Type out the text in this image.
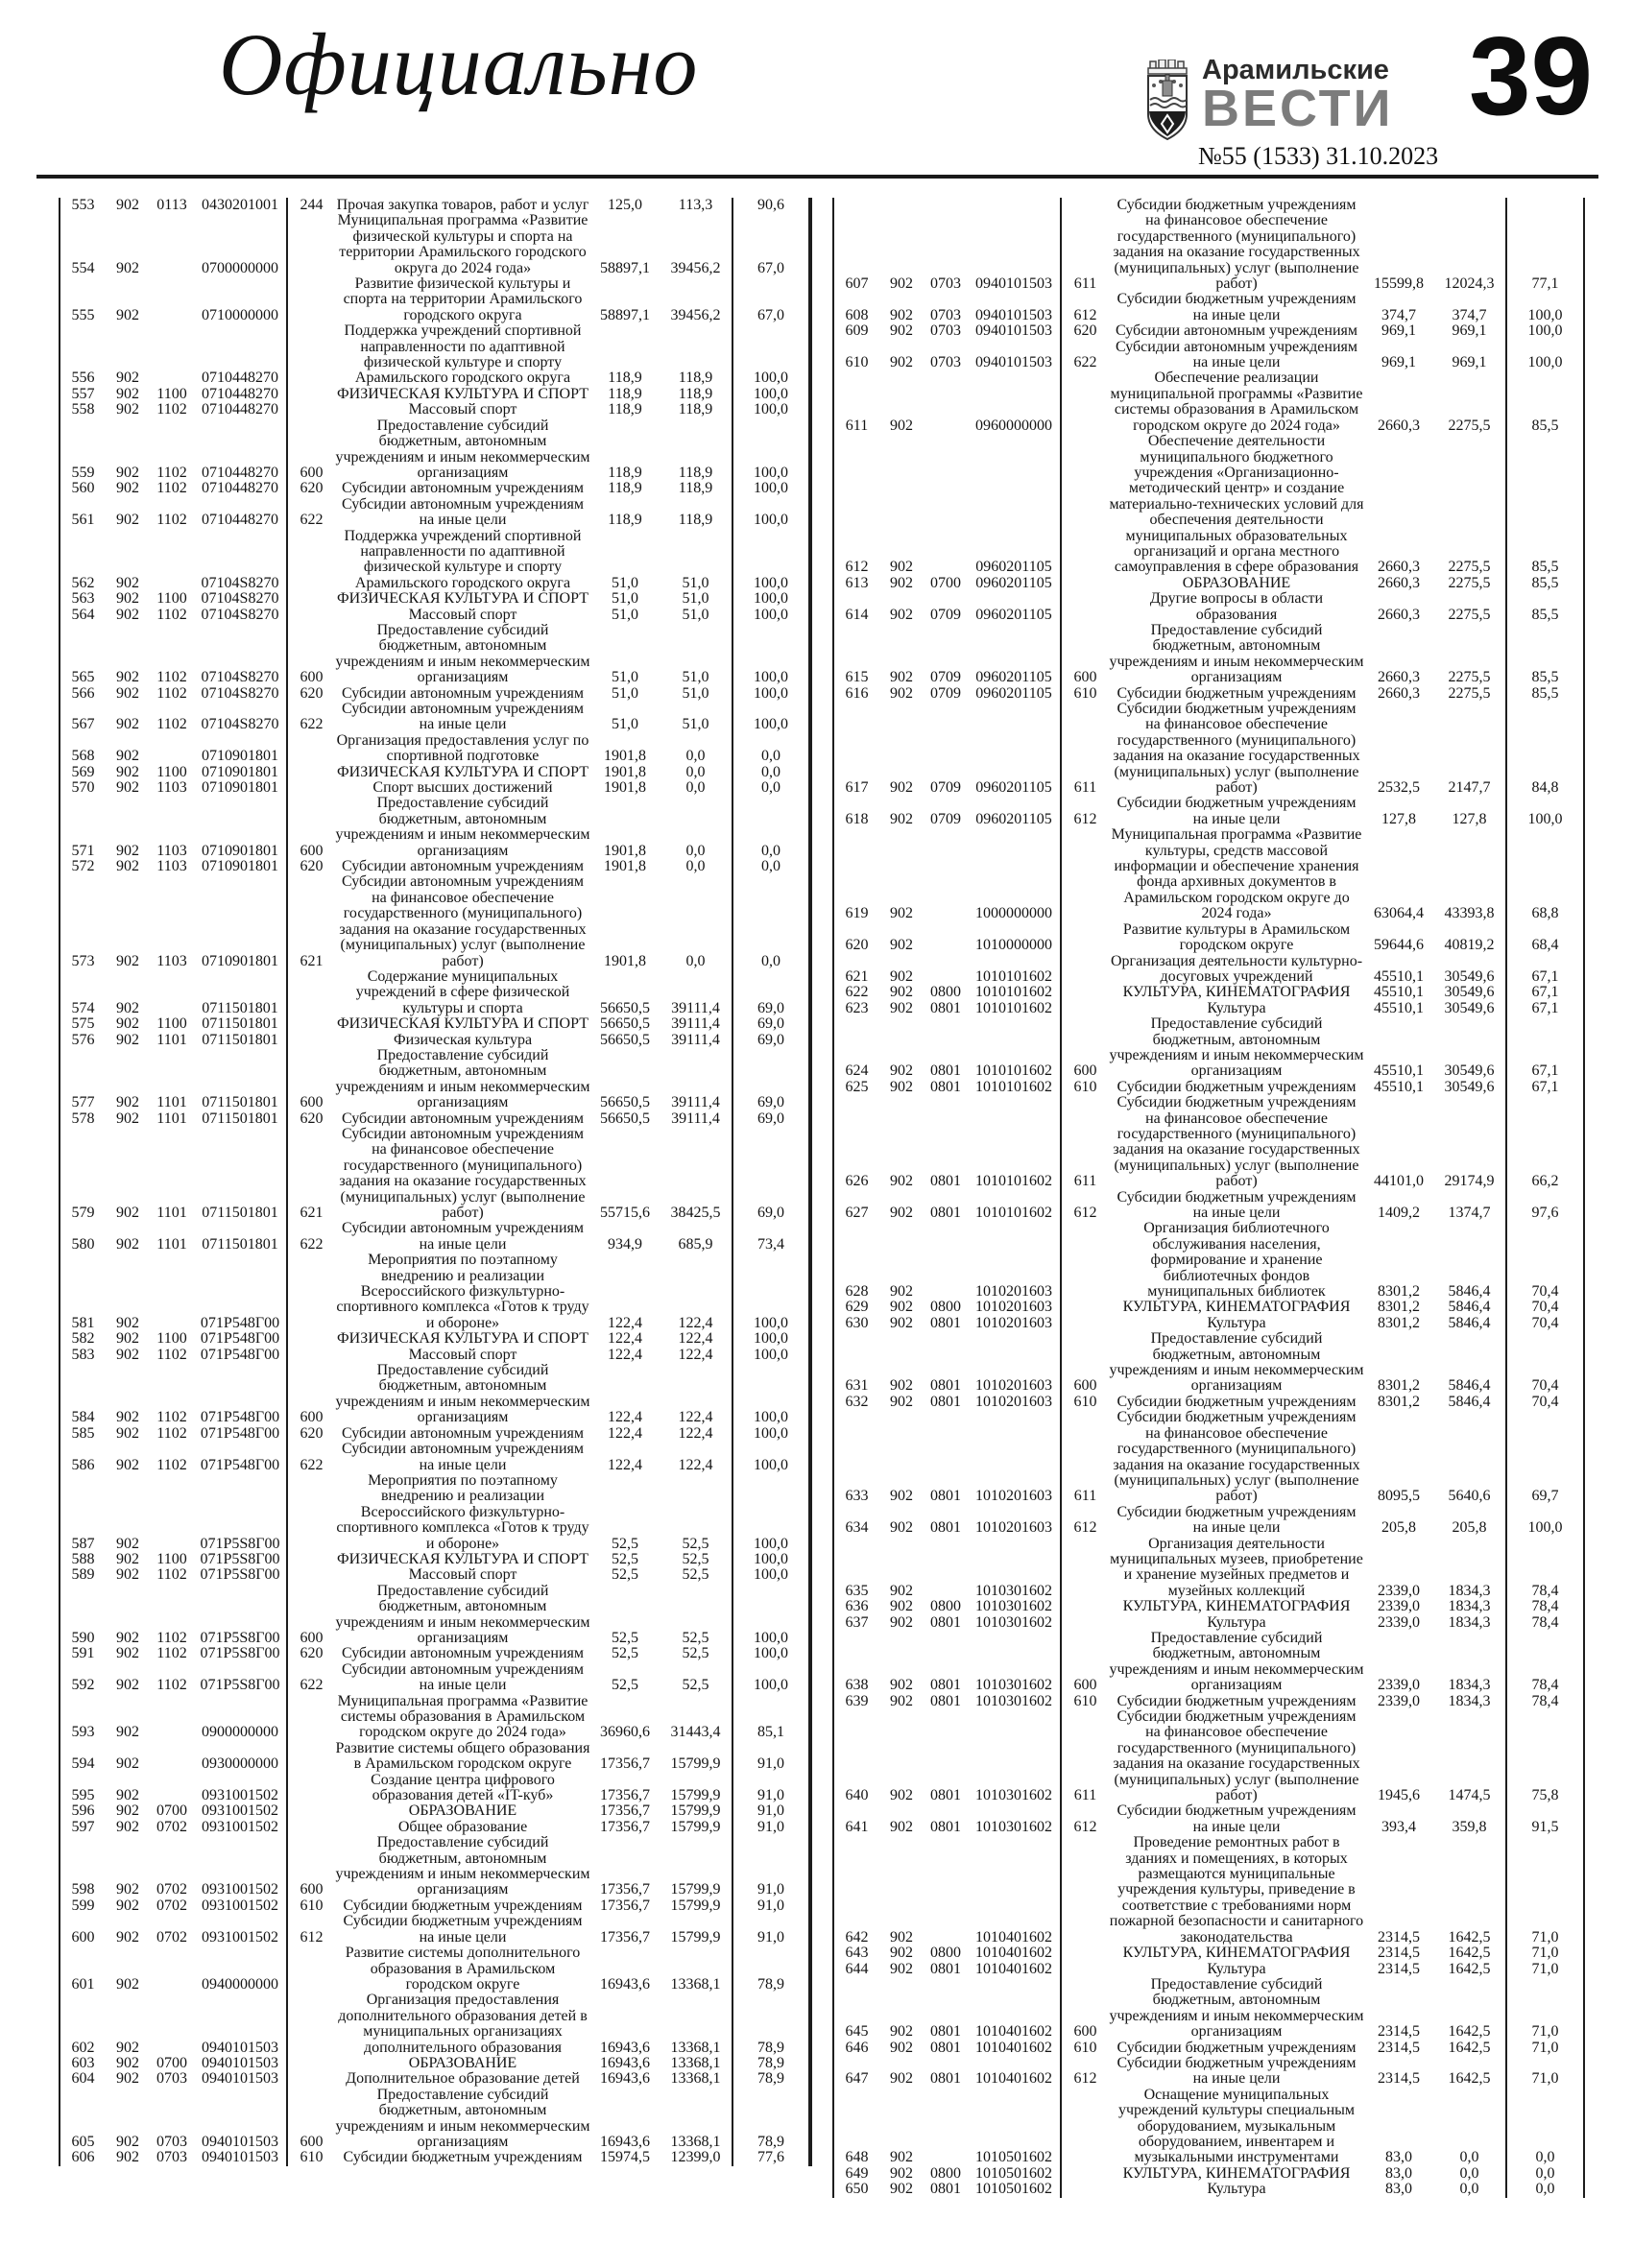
Официально	Арамильские
ВЕСТИ
№55 (1533) 31.10.2023
39
553	902	0113	0430201001	244	Прочая закупка товаров, работ и услуг	125,0	113,3	90,6
554	902		0700000000		Муниципальная программа «Развитие физической культуры и спорта на территории Арамильского городского округа до 2024 года»	58897,1	39456,2	67,0
555	902		0710000000		Развитие физической культуры и спорта на территории Арамильского городского округа	58897,1	39456,2	67,0
556	902		0710448270		Поддержка учреждений спортивной направленности по адаптивной физической культуре и спорту Арамильского городского округа	118,9	118,9	100,0
557	902	1100	0710448270		ФИЗИЧЕСКАЯ КУЛЬТУРА И СПОРТ	118,9	118,9	100,0
558	902	1102	0710448270		Массовый спорт	118,9	118,9	100,0
559	902	1102	0710448270	600	Предоставление субсидий бюджетным, автономным учреждениям и иным некоммерческим организациям	118,9	118,9	100,0
560	902	1102	0710448270	620	Субсидии автономным учреждениям	118,9	118,9	100,0
561	902	1102	0710448270	622	Субсидии автономным учреждениям на иные цели	118,9	118,9	100,0
562	902		07104S8270		Поддержка учреждений спортивной направленности по адаптивной физической культуре и спорту Арамильского городского округа	51,0	51,0	100,0
563	902	1100	07104S8270		ФИЗИЧЕСКАЯ КУЛЬТУРА И СПОРТ	51,0	51,0	100,0
564	902	1102	07104S8270		Массовый спорт	51,0	51,0	100,0
565	902	1102	07104S8270	600	Предоставление субсидий бюджетным, автономным учреждениям и иным некоммерческим организациям	51,0	51,0	100,0
566	902	1102	07104S8270	620	Субсидии автономным учреждениям	51,0	51,0	100,0
567	902	1102	07104S8270	622	Субсидии автономным учреждениям на иные цели	51,0	51,0	100,0
568	902		0710901801		Организация предоставления услуг по спортивной подготовке	1901,8	0,0	0,0
569	902	1100	0710901801		ФИЗИЧЕСКАЯ КУЛЬТУРА И СПОРТ	1901,8	0,0	0,0
570	902	1103	0710901801		Спорт высших достижений	1901,8	0,0	0,0
571	902	1103	0710901801	600	Предоставление субсидий бюджетным, автономным учреждениям и иным некоммерческим организациям	1901,8	0,0	0,0
572	902	1103	0710901801	620	Субсидии автономным учреждениям	1901,8	0,0	0,0
573	902	1103	0710901801	621	Субсидии автономным учреждениям на финансовое обеспечение государственного (муниципального) задания на оказание государственных (муниципальных) услуг (выполнение работ)	1901,8	0,0	0,0
574	902		0711501801		Содержание муниципальных учреждений в сфере физической культуры и спорта	56650,5	39111,4	69,0
575	902	1100	0711501801		ФИЗИЧЕСКАЯ КУЛЬТУРА И СПОРТ	56650,5	39111,4	69,0
576	902	1101	0711501801		Физическая культура	56650,5	39111,4	69,0
577	902	1101	0711501801	600	Предоставление субсидий бюджетным, автономным учреждениям и иным некоммерческим организациям	56650,5	39111,4	69,0
578	902	1101	0711501801	620	Субсидии автономным учреждениям	56650,5	39111,4	69,0
579	902	1101	0711501801	621	Субсидии автономным учреждениям на финансовое обеспечение государственного (муниципального) задания на оказание государственных (муниципальных) услуг (выполнение работ)	55715,6	38425,5	69,0
580	902	1101	0711501801	622	Субсидии автономным учреждениям на иные цели	934,9	685,9	73,4
581	902		071P548Г00		Мероприятия по поэтапному внедрению и реализации Всероссийского физкультурно-спортивного комплекса «Готов к труду и обороне»	122,4	122,4	100,0
582	902	1100	071P548Г00		ФИЗИЧЕСКАЯ КУЛЬТУРА И СПОРТ	122,4	122,4	100,0
583	902	1102	071P548Г00		Массовый спорт	122,4	122,4	100,0
584	902	1102	071P548Г00	600	Предоставление субсидий бюджетным, автономным учреждениям и иным некоммерческим организациям	122,4	122,4	100,0
585	902	1102	071P548Г00	620	Субсидии автономным учреждениям	122,4	122,4	100,0
586	902	1102	071P548Г00	622	Субсидии автономным учреждениям на иные цели	122,4	122,4	100,0
587	902		071P5S8Г00		Мероприятия по поэтапному внедрению и реализации Всероссийского физкультурно-спортивного комплекса «Готов к труду и обороне»	52,5	52,5	100,0
588	902	1100	071P5S8Г00		ФИЗИЧЕСКАЯ КУЛЬТУРА И СПОРТ	52,5	52,5	100,0
589	902	1102	071P5S8Г00		Массовый спорт	52,5	52,5	100,0
590	902	1102	071P5S8Г00	600	Предоставление субсидий бюджетным, автономным учреждениям и иным некоммерческим организациям	52,5	52,5	100,0
591	902	1102	071P5S8Г00	620	Субсидии автономным учреждениям	52,5	52,5	100,0
592	902	1102	071P5S8Г00	622	Субсидии автономным учреждениям на иные цели	52,5	52,5	100,0
593	902		0900000000		Муниципальная программа «Развитие системы образования в Арамильском городском округе до 2024 года»	36960,6	31443,4	85,1
594	902		0930000000		Развитие системы общего образования в Арамильском городском округе	17356,7	15799,9	91,0
595	902		0931001502		Создание центра цифрового образования детей «IT-куб»	17356,7	15799,9	91,0
596	902	0700	0931001502		ОБРАЗОВАНИЕ	17356,7	15799,9	91,0
597	902	0702	0931001502		Общее образование	17356,7	15799,9	91,0
598	902	0702	0931001502	600	Предоставление субсидий бюджетным, автономным учреждениям и иным некоммерческим организациям	17356,7	15799,9	91,0
599	902	0702	0931001502	610	Субсидии бюджетным учреждениям	17356,7	15799,9	91,0
600	902	0702	0931001502	612	Субсидии бюджетным учреждениям на иные цели	17356,7	15799,9	91,0
601	902		0940000000		Развитие системы дополнительного образования в Арамильском городском округе	16943,6	13368,1	78,9
602	902		0940101503		Организация предоставления дополнительного образования детей в муниципальных организациях дополнительного образования	16943,6	13368,1	78,9
603	902	0700	0940101503		ОБРАЗОВАНИЕ	16943,6	13368,1	78,9
604	902	0703	0940101503		Дополнительное образование детей	16943,6	13368,1	78,9
605	902	0703	0940101503	600	Предоставление субсидий бюджетным, автономным учреждениям и иным некоммерческим организациям	16943,6	13368,1	78,9
606	902	0703	0940101503	610	Субсидии бюджетным учреждениям	15974,5	12399,0	77,6
607	902	0703	0940101503	611	Субсидии бюджетным учреждениям на финансовое обеспечение государственного (муниципального) задания на оказание государственных (муниципальных) услуг (выполнение работ)	15599,8	12024,3	77,1
608	902	0703	0940101503	612	Субсидии бюджетным учреждениям на иные цели	374,7	374,7	100,0
609	902	0703	0940101503	620	Субсидии автономным учреждениям	969,1	969,1	100,0
610	902	0703	0940101503	622	Субсидии автономным учреждениям на иные цели	969,1	969,1	100,0
611	902		0960000000		Обеспечение реализации муниципальной программы «Развитие системы образования в Арамильском городском округе до 2024 года»	2660,3	2275,5	85,5
612	902		0960201105		Обеспечение деятельности муниципального бюджетного учреждения «Организационно-методический центр» и создание материально-технических условий для обеспечения деятельности муниципальных образовательных организаций и органа местного самоуправления в сфере образования	2660,3	2275,5	85,5
613	902	0700	0960201105		ОБРАЗОВАНИЕ	2660,3	2275,5	85,5
614	902	0709	0960201105		Другие вопросы в области образования	2660,3	2275,5	85,5
615	902	0709	0960201105	600	Предоставление субсидий бюджетным, автономным учреждениям и иным некоммерческим организациям	2660,3	2275,5	85,5
616	902	0709	0960201105	610	Субсидии бюджетным учреждениям	2660,3	2275,5	85,5
617	902	0709	0960201105	611	Субсидии бюджетным учреждениям на финансовое обеспечение государственного (муниципального) задания на оказание государственных (муниципальных) услуг (выполнение работ)	2532,5	2147,7	84,8
618	902	0709	0960201105	612	Субсидии бюджетным учреждениям на иные цели	127,8	127,8	100,0
619	902		1000000000		Муниципальная программа «Развитие культуры, средств массовой информации и обеспечение хранения фонда архивных документов в Арамильском городском округе до 2024 года»	63064,4	43393,8	68,8
620	902		1010000000		Развитие культуры в Арамильском городском округе	59644,6	40819,2	68,4
621	902		1010101602		Организация деятельности культурно-досуговых учреждений	45510,1	30549,6	67,1
622	902	0800	1010101602		КУЛЬТУРА, КИНЕМАТОГРАФИЯ	45510,1	30549,6	67,1
623	902	0801	1010101602		Культура	45510,1	30549,6	67,1
624	902	0801	1010101602	600	Предоставление субсидий бюджетным, автономным учреждениям и иным некоммерческим организациям	45510,1	30549,6	67,1
625	902	0801	1010101602	610	Субсидии бюджетным учреждениям	45510,1	30549,6	67,1
626	902	0801	1010101602	611	Субсидии бюджетным учреждениям на финансовое обеспечение государственного (муниципального) задания на оказание государственных (муниципальных) услуг (выполнение работ)	44101,0	29174,9	66,2
627	902	0801	1010101602	612	Субсидии бюджетным учреждениям на иные цели	1409,2	1374,7	97,6
628	902		1010201603		Организация библиотечного обслуживания населения, формирование и хранение библиотечных фондов муниципальных библиотек	8301,2	5846,4	70,4
629	902	0800	1010201603		КУЛЬТУРА, КИНЕМАТОГРАФИЯ	8301,2	5846,4	70,4
630	902	0801	1010201603		Культура	8301,2	5846,4	70,4
631	902	0801	1010201603	600	Предоставление субсидий бюджетным, автономным учреждениям и иным некоммерческим организациям	8301,2	5846,4	70,4
632	902	0801	1010201603	610	Субсидии бюджетным учреждениям	8301,2	5846,4	70,4
633	902	0801	1010201603	611	Субсидии бюджетным учреждениям на финансовое обеспечение государственного (муниципального) задания на оказание государственных (муниципальных) услуг (выполнение работ)	8095,5	5640,6	69,7
634	902	0801	1010201603	612	Субсидии бюджетным учреждениям на иные цели	205,8	205,8	100,0
635	902		1010301602		Организация деятельности муниципальных музеев, приобретение и хранение музейных предметов и музейных коллекций	2339,0	1834,3	78,4
636	902	0800	1010301602		КУЛЬТУРА, КИНЕМАТОГРАФИЯ	2339,0	1834,3	78,4
637	902	0801	1010301602		Культура	2339,0	1834,3	78,4
638	902	0801	1010301602	600	Предоставление субсидий бюджетным, автономным учреждениям и иным некоммерческим организациям	2339,0	1834,3	78,4
639	902	0801	1010301602	610	Субсидии бюджетным учреждениям	2339,0	1834,3	78,4
640	902	0801	1010301602	611	Субсидии бюджетным учреждениям на финансовое обеспечение государственного (муниципального) задания на оказание государственных (муниципальных) услуг (выполнение работ)	1945,6	1474,5	75,8
641	902	0801	1010301602	612	Субсидии бюджетным учреждениям на иные цели	393,4	359,8	91,5
642	902		1010401602		Проведение ремонтных работ в зданиях и помещениях, в которых размещаются муниципальные учреждения культуры, приведение в соответствие с требованиями норм пожарной безопасности и санитарного законодательства	2314,5	1642,5	71,0
643	902	0800	1010401602		КУЛЬТУРА, КИНЕМАТОГРАФИЯ	2314,5	1642,5	71,0
644	902	0801	1010401602		Культура	2314,5	1642,5	71,0
645	902	0801	1010401602	600	Предоставление субсидий бюджетным, автономным учреждениям и иным некоммерческим организациям	2314,5	1642,5	71,0
646	902	0801	1010401602	610	Субсидии бюджетным учреждениям	2314,5	1642,5	71,0
647	902	0801	1010401602	612	Субсидии бюджетным учреждениям на иные цели	2314,5	1642,5	71,0
648	902		1010501602		Оснащение муниципальных учреждений культуры специальным оборудованием, музыкальным оборудованием, инвентарем и музыкальными инструментами	83,0	0,0	0,0
649	902	0800	1010501602		КУЛЬТУРА, КИНЕМАТОГРАФИЯ	83,0	0,0	0,0
650	902	0801	1010501602		Культура	83,0	0,0	0,0
